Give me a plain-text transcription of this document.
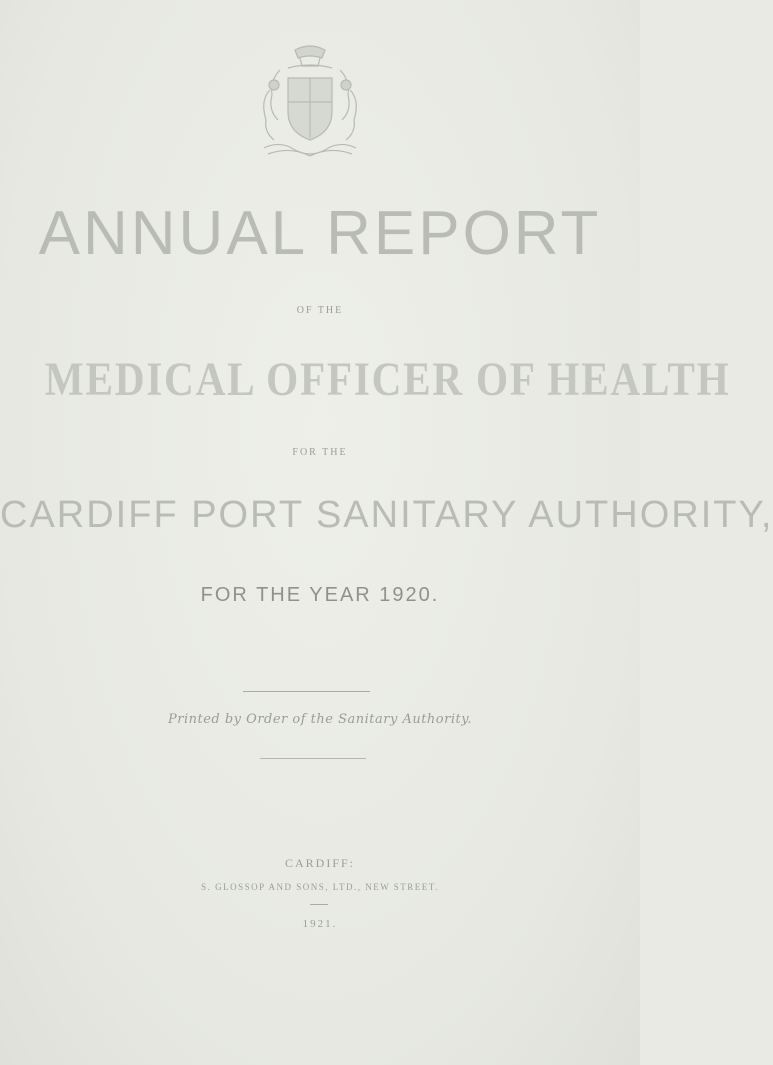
ANNUAL REPORT
OF THE
MEDICAL OFFICER OF HEALTH
FOR THE
CARDIFF PORT SANITARY AUTHORITY,
FOR THE YEAR 1920.
Printed by Order of the Sanitary Authority.
CARDIFF:
S. GLOSSOP AND SONS, LTD., NEW STREET.
1921.
